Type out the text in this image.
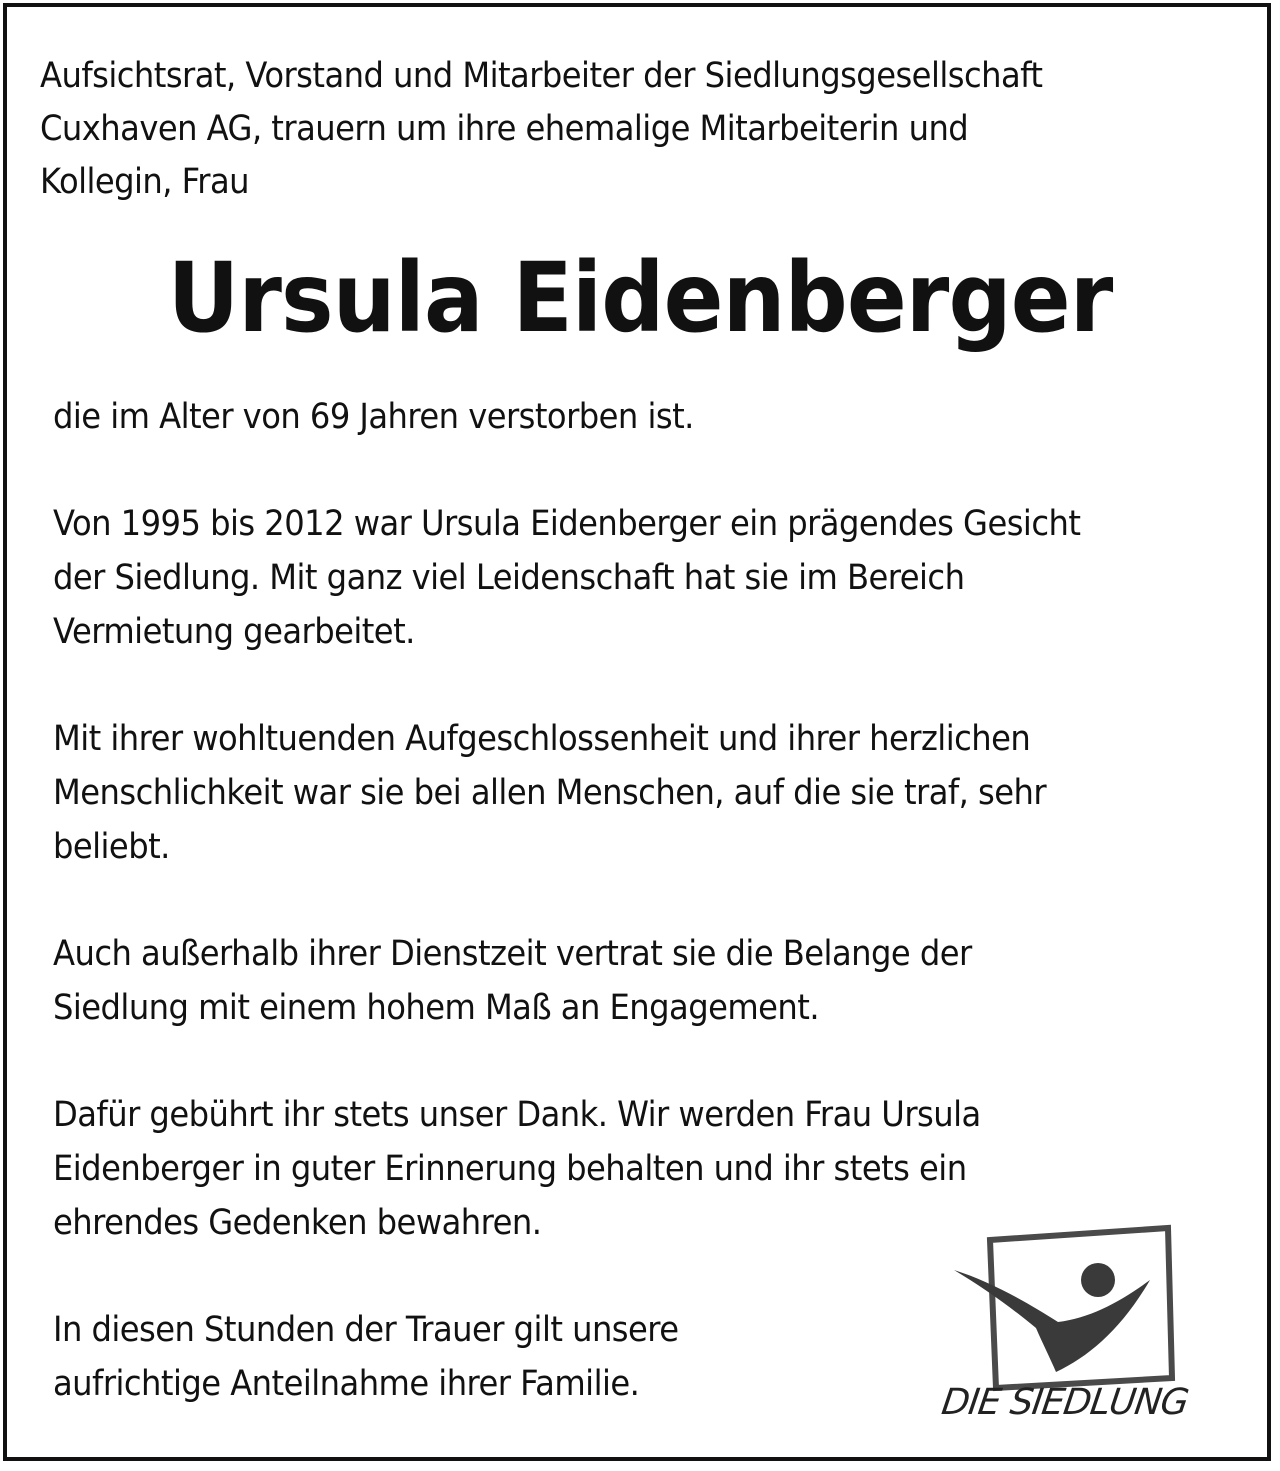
Aufsichtsrat, Vorstand und Mitarbeiter der Siedlungsgesellschaft
Cuxhaven AG, trauern um ihre ehemalige Mitarbeiterin und
Kollegin, Frau
Ursula Eidenberger

die im Alter von 69 Jahren verstorben ist.

Von 1995 bis 2012 war Ursula Eidenberger ein prägendes Gesicht
der Siedlung. Mit ganz viel Leidenschaft hat sie im Bereich
Vermietung gearbeitet.

Mit ihrer wohltuenden Aufgeschlossenheit und ihrer herzlichen
Menschlichkeit war sie bei allen Menschen, auf die sie traf, sehr
beliebt.

Auch außerhalb ihrer Dienstzeit vertrat sie die Belange der
Siedlung mit einem hohem Maß an Engagement.

Dafür gebührt ihr stets unser Dank. Wir werden Frau Ursula
Eidenberger in guter Erinnerung behalten und ihr stets ein
ehrendes Gedenken bewahren.

In diesen Stunden der Trauer gilt unsere
aufrichtige Anteilnahme ihrer Familie.	DIE SIEDLUNG
